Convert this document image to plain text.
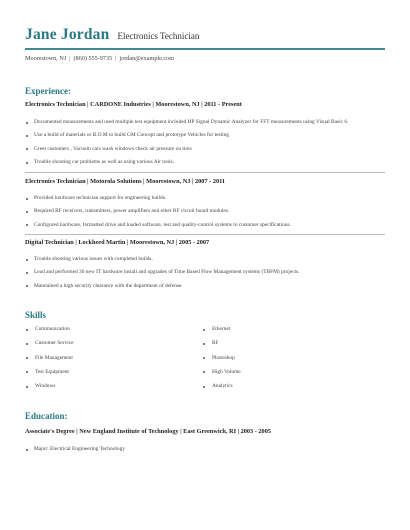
Jane Jordan Electronics Technician
Moorestown, NJ | (860) 555-9735 | jordan@example.com
Experience:
Electronics Technician | CARDONE Industries | Moorestown, NJ | 2011 - Present
Documented measurements and used multiple test equipment included HP Signal Dynamic Analyzer for FFT measurements using Visual Basic 6.
Use a build of materials or B.O.M to build GM Concept and prototype Vehicles for testing
Greet customers , Vacuum cars wash windows check air pressure on tires
Trouble shooting car problems as well as using various Air tools.
Electronics Technician | Motorola Solutions | Moorestown, NJ | 2007 - 2011
Provided hardware technician support for engineering builds.
Required RF receivers, transmitters, power amplifiers and other RF circuit board modules.
Configured hardware, formatted drive and loaded software, test and quality-control systems to customer specifications.
Digital Technician | Lockheed Martin | Moorestown, NJ | 2005 - 2007
Trouble shooting various issues with completed builds.
Lead and performed 30 new IT hardware install and upgrades of Time Based Flow Management systems (TBFM) projects.
Maintained a high security clearance with the department of defense.
Skills
Communication
Customer Service
File Management
Test Equipment
Windows
Ethernet
RF
Photoshop
High Volume
Analytics
Education:
Associate's Degree | New England Institute of Technology | East Greenwich, RI | 2003 - 2005
Major: Electrical Engineering Technology
